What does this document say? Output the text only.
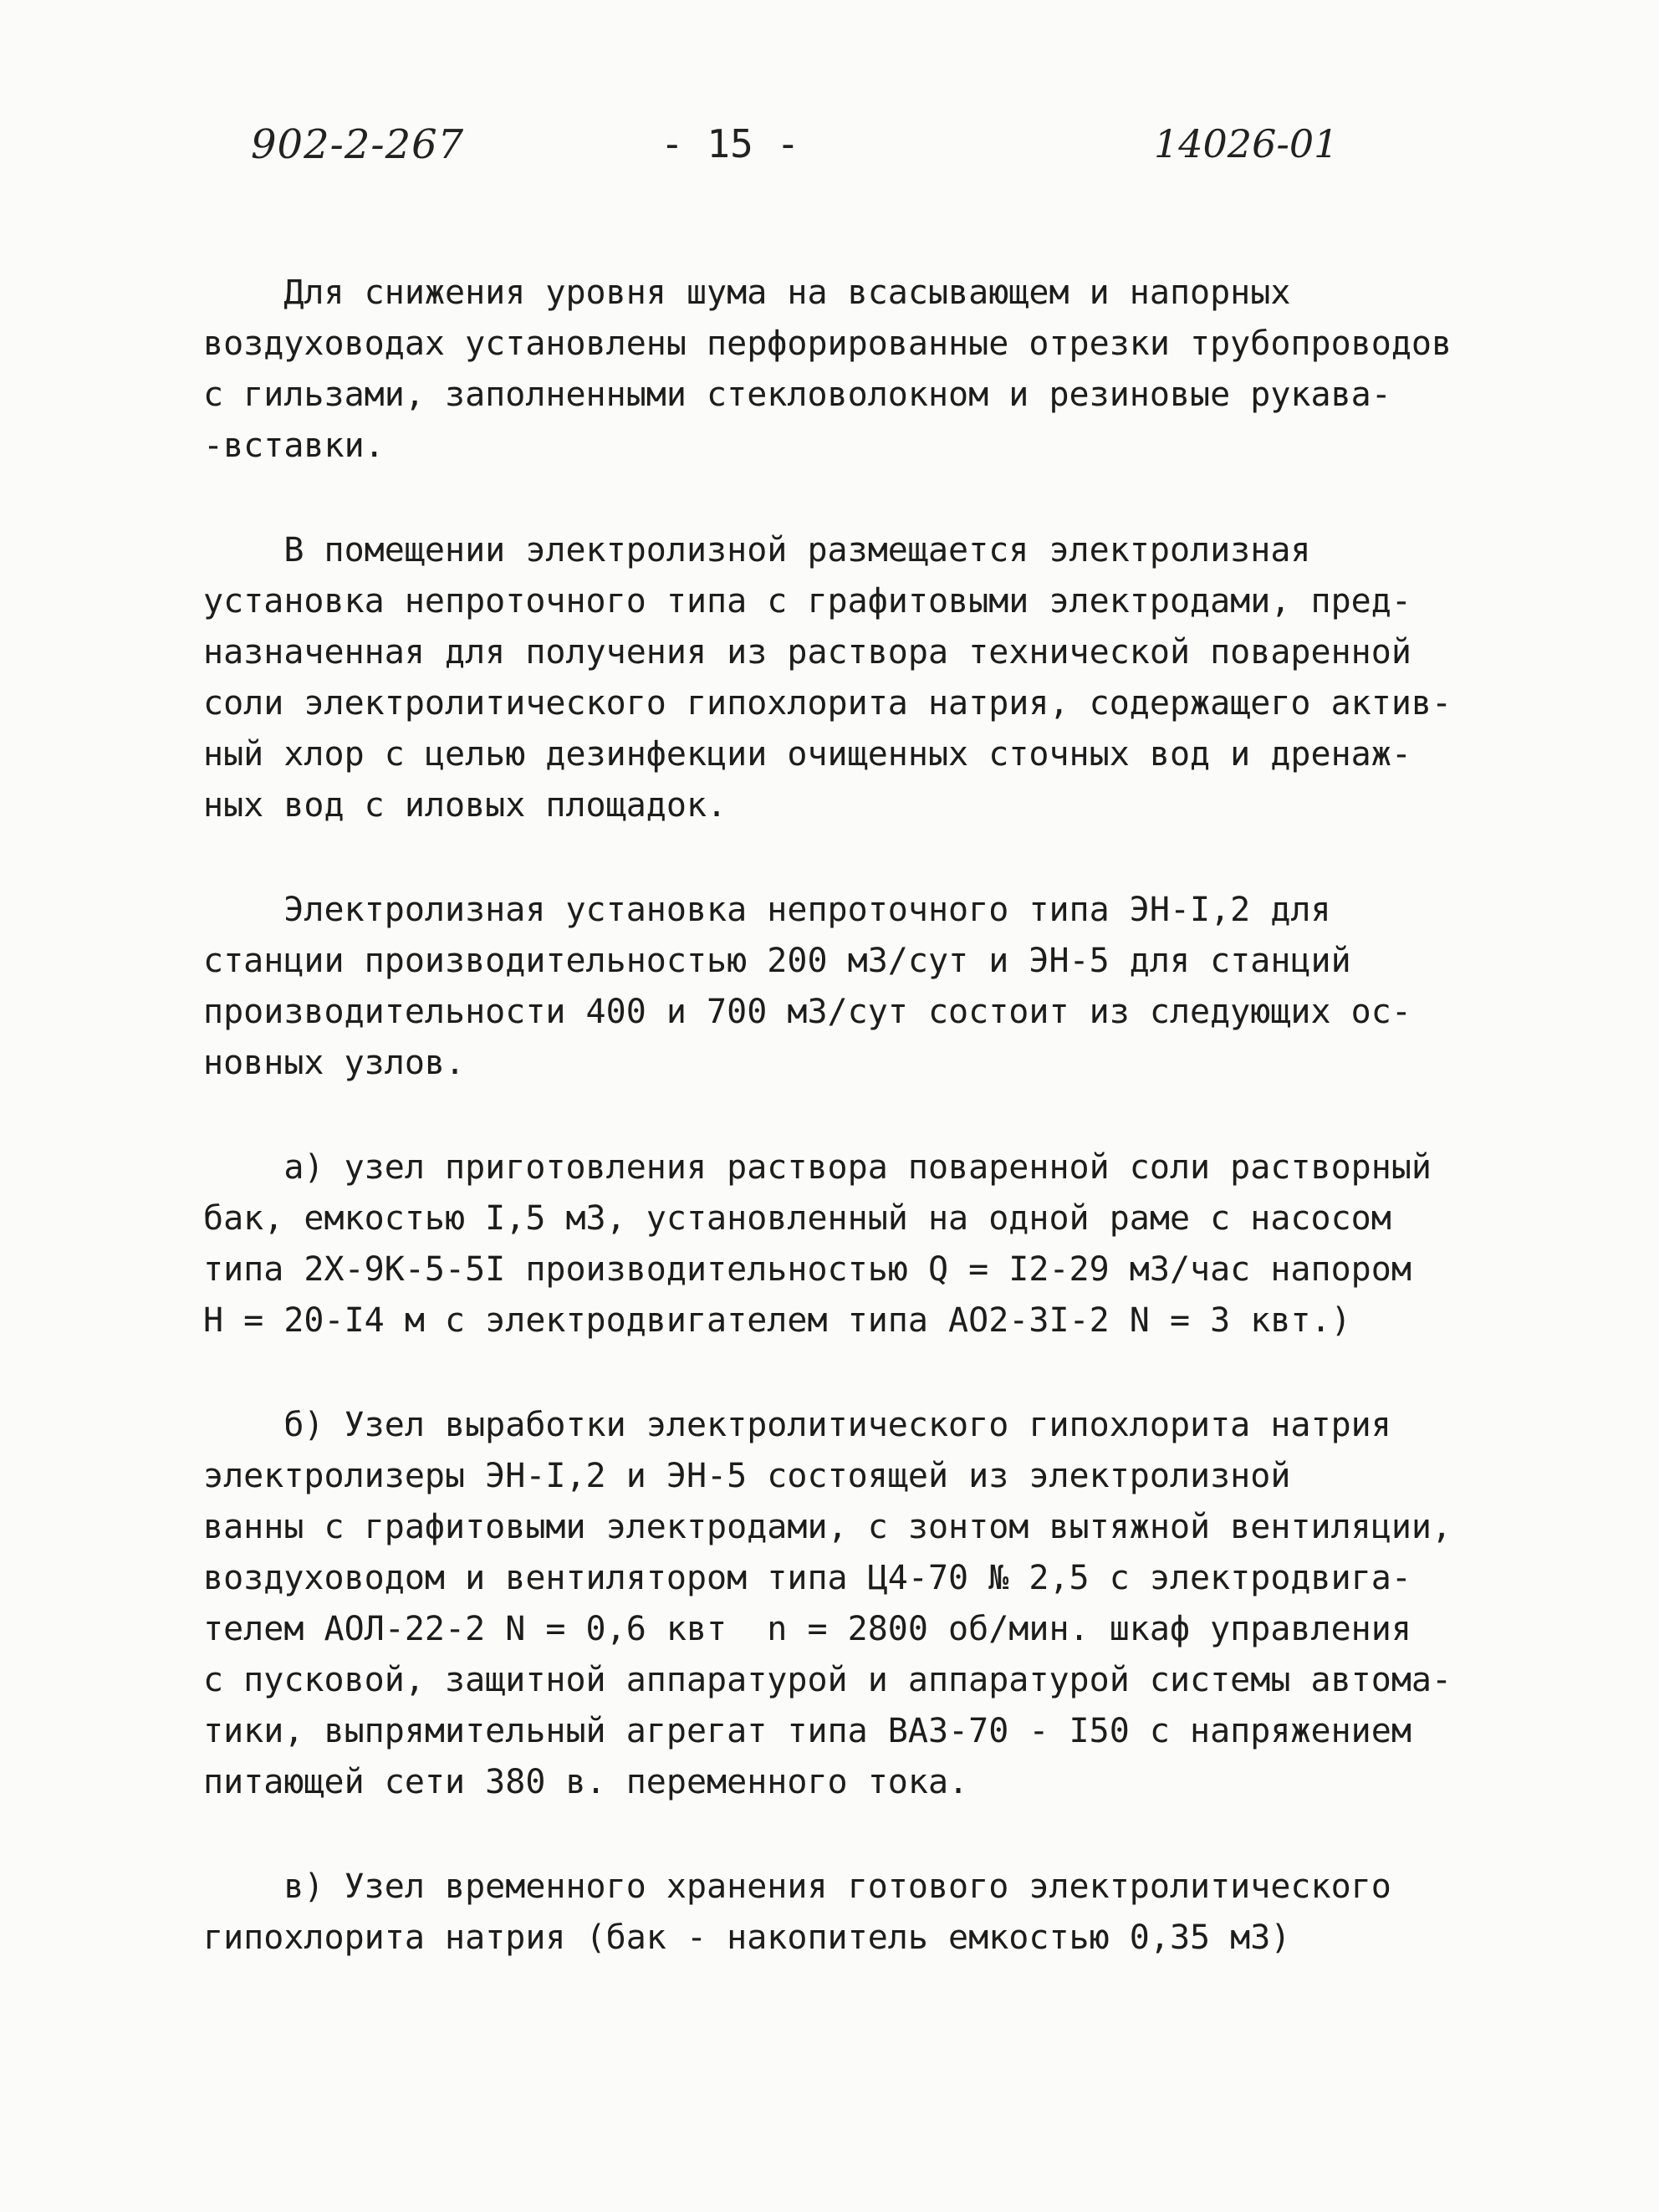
902-2-267	- 15 -	14026-01
Для снижения уровня шума на всасывающем и напорных
воздуховодах установлены перфорированные отрезки трубопроводов
с гильзами, заполненными стекловолокном и резиновые рукава-
-вставки.
В помещении электролизной размещается электролизная
установка непроточного типа с графитовыми электродами, пред-
назначенная для получения из раствора технической поваренной
соли электролитического гипохлорита натрия, содержащего актив-
ный хлор с целью дезинфекции очищенных сточных вод и дренаж-
ных вод с иловых площадок.
Электролизная установка непроточного типа ЭН-I,2 для
станции производительностью 200 м3/сут и ЭН-5 для станций
производительности 400 и 700 м3/сут состоит из следующих ос-
новных узлов.
а) узел приготовления раствора поваренной соли растворный
бак, емкостью I,5 м3, установленный на одной раме с насосом
типа 2Х-9К-5-5I производительностью Q = I2-29 м3/час напором
Н = 20-I4 м с электродвигателем типа АО2-3I-2 N = 3 квт.)
б) Узел выработки электролитического гипохлорита натрия
электролизеры ЭН-I,2 и ЭН-5 состоящей из электролизной
ванны с графитовыми электродами, с зонтом вытяжной вентиляции,
воздуховодом и вентилятором типа Ц4-70 № 2,5 с электродвига-
телем АОЛ-22-2 N = 0,6 квт  n = 2800 об/мин. шкаф управления
с пусковой, защитной аппаратурой и аппаратурой системы автома-
тики, выпрямительный агрегат типа ВАЗ-70 - I50 с напряжением
питающей сети 380 в. переменного тока.
в) Узел временного хранения готового электролитического
гипохлорита натрия (бак - накопитель емкостью 0,35 м3)
